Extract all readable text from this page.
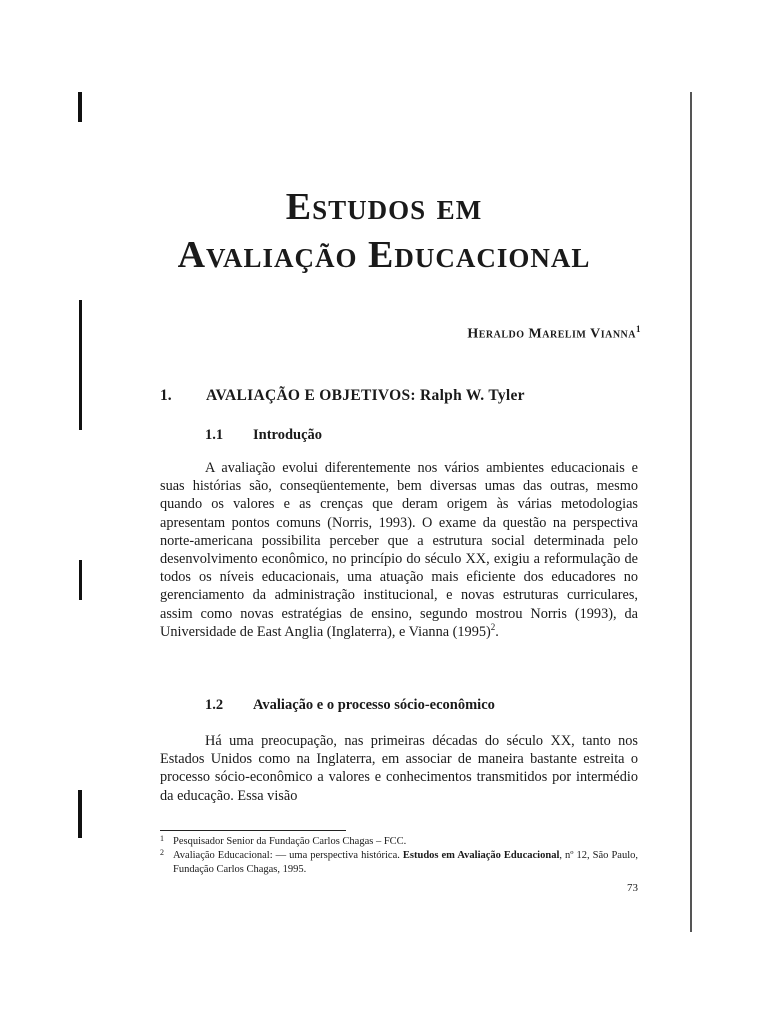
Estudos em
Avaliação Educacional

Heraldo Marelim Vianna$^1$

1. AVALIAÇÃO E OBJETIVOS: Ralph W. Tyler
1.1 Introdução

A avaliação evolui diferentemente nos vários ambientes educacionais e suas histórias são, conseqüentemente, bem diversas umas das outras, mesmo quando os valores e as crenças que deram origem às várias metodologias apresentam pontos comuns (Norris, 1993). O exame da questão na perspectiva norte-americana possibilita perceber que a estrutura social determinada pelo desenvolvimento econômico, no princípio do século XX, exigiu a reformulação de todos os níveis educacionais, uma atuação mais eficiente dos educadores no gerenciamento da administração institucional, e novas estruturas curriculares, assim como novas estratégias de ensino, segundo mostrou Norris (1993), da Universidade de East Anglia (Inglaterra), e Vianna $(1995)^2$.

1.2 Avaliação e o processo sócio-econômico

Há uma preocupação, nas primeiras décadas do século XX, tanto nos Estados Unidos como na Inglaterra, em associar de maneira bastante estreita o processo sócio-econômico a valores e conhecimentos transmitidos por intermédio da educação. Essa visão

1 Pesquisador Senior da Fundação Carlos Chagas – FCC.

2 Avaliação Educacional: — uma perspectiva histórica. Estudos em Avaliação Educacional, nº 12, São Paulo, Fundação Carlos Chagas, 1995.

73
